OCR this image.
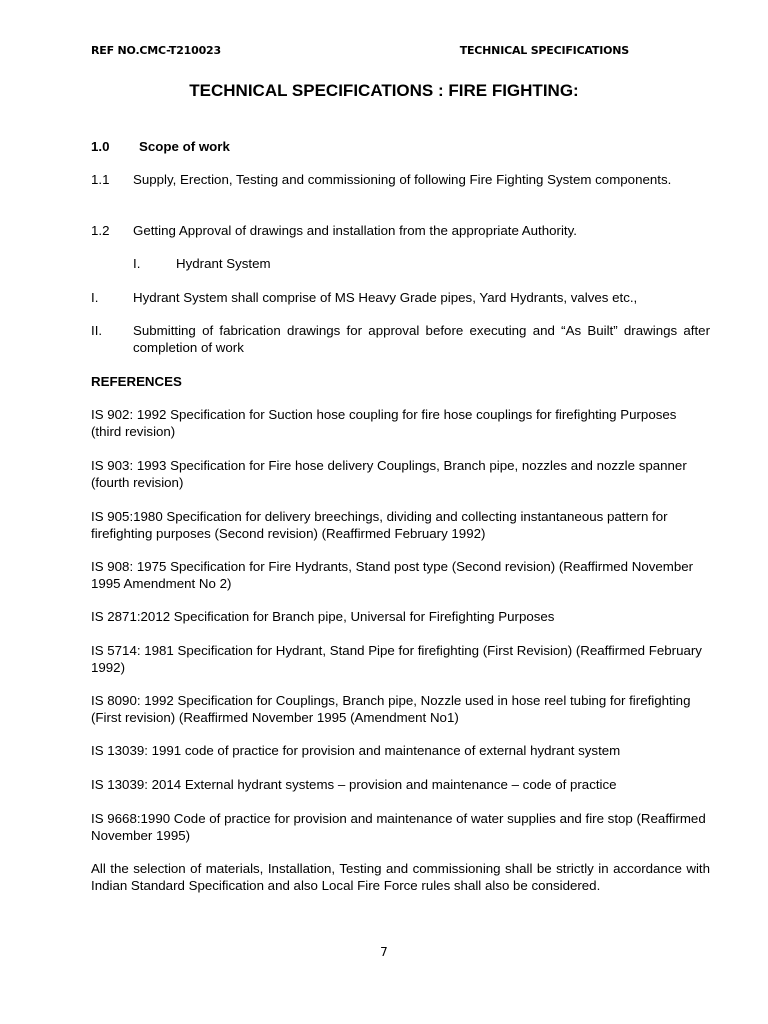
REF NO.CMC-T210023	TECHNICAL SPECIFICATIONS
TECHNICAL SPECIFICATIONS : FIRE FIGHTING:
1.0 Scope of work
1.1 Supply, Erection, Testing and commissioning of following Fire Fighting System components.
1.2 Getting Approval of drawings and installation from the appropriate Authority.
I.	Hydrant System
I.	Hydrant System shall comprise of MS Heavy Grade pipes, Yard Hydrants, valves etc.,
II. Submitting of fabrication drawings for approval before executing and “As Built” drawings after completion of work
REFERENCES
IS 902: 1992 Specification for Suction hose coupling for fire hose couplings for firefighting Purposes (third revision)
IS 903: 1993 Specification for Fire hose delivery Couplings, Branch pipe, nozzles and nozzle spanner (fourth revision)
IS 905:1980 Specification for delivery breechings, dividing and collecting instantaneous pattern for firefighting purposes (Second revision) (Reaffirmed February 1992)
IS 908: 1975 Specification for Fire Hydrants, Stand post type (Second revision) (Reaffirmed November 1995 Amendment No 2)
IS 2871:2012 Specification for Branch pipe, Universal for Firefighting Purposes
IS 5714: 1981 Specification for Hydrant, Stand Pipe for firefighting (First Revision) (Reaffirmed February 1992)
IS 8090: 1992 Specification for Couplings, Branch pipe, Nozzle used in hose reel tubing for firefighting (First revision) (Reaffirmed November 1995 (Amendment No1)
IS 13039: 1991 code of practice for provision and maintenance of external hydrant system
IS 13039: 2014 External hydrant systems – provision and maintenance – code of practice
IS 9668:1990 Code of practice for provision and maintenance of water supplies and fire stop (Reaffirmed November 1995)
All the selection of materials, Installation, Testing and commissioning shall be strictly in accordance with Indian Standard Specification and also Local Fire Force rules shall also be considered.
7
